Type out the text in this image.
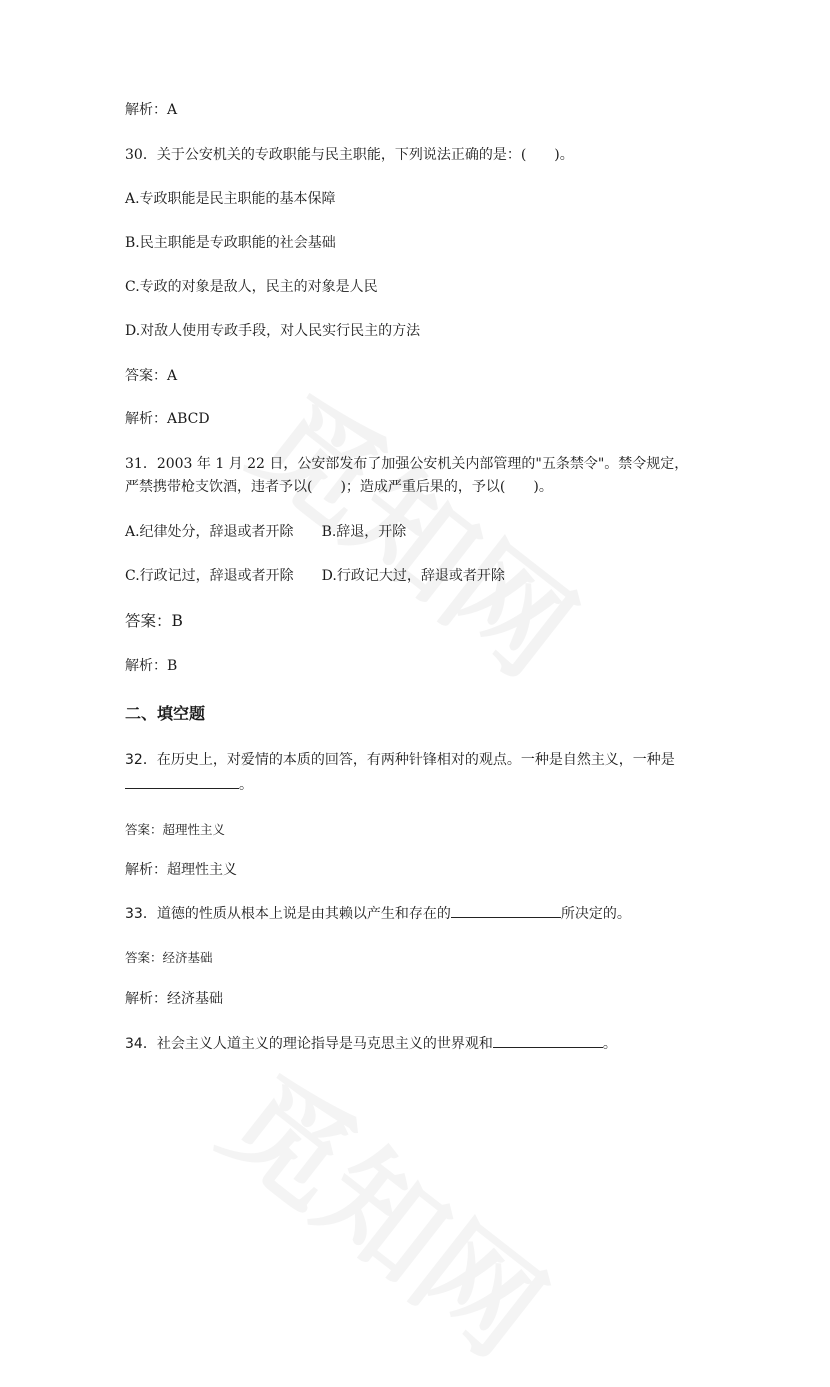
解析：A

30．关于公安机关的专政职能与民主职能，下列说法正确的是：(　　)。

A.专政职能是民主职能的基本保障

B.民主职能是专政职能的社会基础

C.专政的对象是敌人，民主的对象是人民

D.对敌人使用专政手段，对人民实行民主的方法

答案：A

解析：ABCD

31．2003 年 1 月 22 日，公安部发布了加强公安机关内部管理的"五条禁令"。禁令规定，

严禁携带枪支饮酒，违者予以(　　)；造成严重后果的，予以(　　)。

A.纪律处分，辞退或者开除 B.辞退，开除

C.行政记过，辞退或者开除 D.行政记大过，辞退或者开除

答案：B

解析：B

二、填空题

32．在历史上，对爱情的本质的回答，有两种针锋相对的观点。一种是自然主义，一种是

。

答案：超理性主义

解析：超理性主义

33．道德的性质从根本上说是由其赖以产生和存在的	所决定的。

答案：经济基础

解析：经济基础

34．社会主义人道主义的理论指导是马克思主义的世界观和	。
